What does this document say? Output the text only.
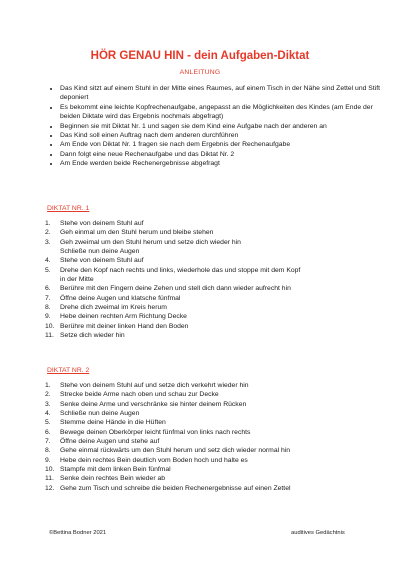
HÖR GENAU HIN - dein Aufgaben-Diktat
ANLEITUNG
• Das Kind sitzt auf einem Stuhl in der Mitte eines Raumes, auf einem Tisch in der Nähe sind Zettel und Stift deponiert
• Es bekommt eine leichte Kopfrechenaufgabe, angepasst an die Möglichkeiten des Kindes (am Ende der beiden Diktate wird das Ergebnis nochmals abgefragt)
• Beginnen sie mit Diktat Nr. 1 und sagen sie dem Kind eine Aufgabe nach der anderen an
• Das Kind soll einen Auftrag nach dem anderen durchführen
• Am Ende von Diktat Nr. 1 fragen sie nach dem Ergebnis der Rechenaufgabe
• Dann folgt eine neue Rechenaufgabe und das Diktat Nr. 2
• Am Ende werden beide Rechenergebnisse abgefragt
DIKTAT NR. 1
1. Stehe von deinem Stuhl auf
2. Geh einmal um den Stuhl herum und bleibe stehen
3. Geh zweimal um den Stuhl herum und setze dich wieder hin
Schließe nun deine Augen
4. Stehe von deinem Stuhl auf
5. Drehe den Kopf nach rechts und links, wiederhole das und stoppe mit dem Kopf
in der Mitte
6. Berühre mit den Fingern deine Zehen und stell dich dann wieder aufrecht hin
7. Öffne deine Augen und klatsche fünfmal
8. Drehe dich zweimal im Kreis herum
9. Hebe deinen rechten Arm Richtung Decke
10. Berühre mit deiner linken Hand den Boden
11. Setze dich wieder hin
DIKTAT NR. 2
1. Stehe von deinem Stuhl auf und setze dich verkehrt wieder hin
2. Strecke beide Arme nach oben und schau zur Decke
3. Senke deine Arme und verschränke sie hinter deinem Rücken
4. Schließe nun deine Augen
5. Stemme deine Hände in die Hüften
6. Bewege deinen Oberkörper leicht fünfmal von links nach rechts
7. Öffne deine Augen und stehe auf
8. Gehe einmal rückwärts um den Stuhl herum und setz dich wieder normal hin
9. Hebe dein rechtes Bein deutlich vom Boden hoch und halte es
10. Stampfe mit dem linken Bein fünfmal
11. Senke dein rechtes Bein wieder ab
12. Gehe zum Tisch und schreibe die beiden Rechenergebnisse auf einen Zettel
©Bettina Bodner 2021	auditives Gedächtnis
